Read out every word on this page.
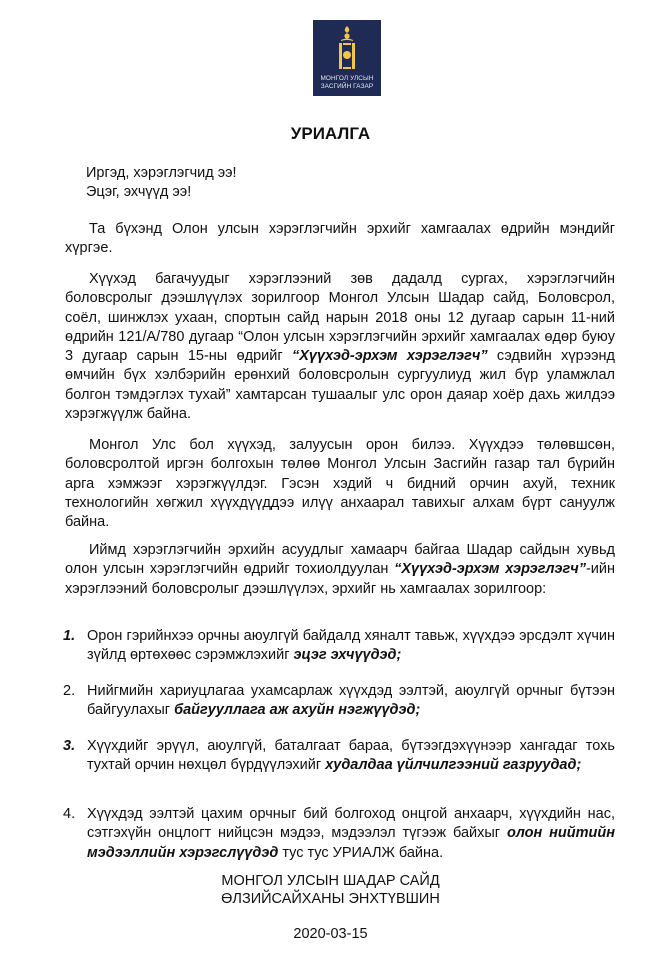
МОНГОЛ УЛСЫН
ЗАСГИЙН ГАЗАР
УРИАЛГА
Иргэд, хэрэглэгчид ээ!
Эцэг, эхчүүд ээ!

Та бүхэнд Олон улсын хэрэглэгчийн эрхийг хамгаалах өдрийн мэндийг хүргэе.

Хүүхэд багачуудыг хэрэглээний зөв дадалд сургах, хэрэглэгчийн боловсролыг дээшлүүлэх зорилгоор Монгол Улсын Шадар сайд, Боловсрол, соёл, шинжлэх ухаан, спортын сайд нарын 2018 оны 12 дугаар сарын 11-ний өдрийн 121/А/780 дугаар “Олон улсын хэрэглэгчийн эрхийг хамгаалах өдөр буюу 3 дугаар сарын 15-ны өдрийг “Хүүхэд-эрхэм хэрэглэгч” сэдвийн хүрээнд өмчийн бүх хэлбэрийн ерөнхий боловсролын сургуулиуд жил бүр уламжлал болгон тэмдэглэх тухай” хамтарсан тушаалыг улс орон даяар хоёр дахь жилдээ хэрэгжүүлж байна.

Монгол Улс бол хүүхэд, залуусын орон билээ. Хүүхдээ төлөвшсөн, боловсролтой иргэн болгохын төлөө Монгол Улсын Засгийн газар тал бүрийн арга хэмжээг хэрэгжүүлдэг. Гэсэн хэдий ч бидний орчин ахуй, техник технологийн хөгжил хүүхдүүддээ илүү анхаарал тавихыг алхам бүрт сануулж байна.

Иймд хэрэглэгчийн эрхийн асуудлыг хамаарч байгаа Шадар сайдын хувьд олон улсын хэрэглэгчийн өдрийг тохиолдуулан “Хүүхэд-эрхэм хэрэглэгч”-ийн хэрэглээний боловсролыг дээшлүүлэх, эрхийг нь хамгаалах зорилгоор:

1. Орон гэрийнхээ орчны аюулгүй байдалд хяналт тавьж, хүүхдээ эрсдэлт хүчин зүйлд өртөхөөс сэрэмжлэхийг эцэг эхчүүдэд;
2. Нийгмийн хариуцлагаа ухамсарлаж хүүхдэд ээлтэй, аюулгүй орчныг бүтээн байгуулахыг байгууллага аж ахуйн нэгжүүдэд;
3. Хүүхдийг эрүүл, аюулгүй, баталгаат бараа, бүтээгдэхүүнээр хангадаг тохь тухтай орчин нөхцөл бүрдүүлэхийг худалдаа үйлчилгээний газруудад;
4. Хүүхдэд ээлтэй цахим орчныг бий болгоход онцгой анхаарч, хүүхдийн нас, сэтгэхүйн онцлогт нийцсэн мэдээ, мэдээлэл түгээж байхыг олон нийтийн мэдээллийн хэрэгслүүдэд тус тус УРИАЛЖ байна.
МОНГОЛ УЛСЫН ШАДАР САЙД
ӨЛЗИЙСАЙХАНЫ ЭНХТҮВШИН
2020-03-15
